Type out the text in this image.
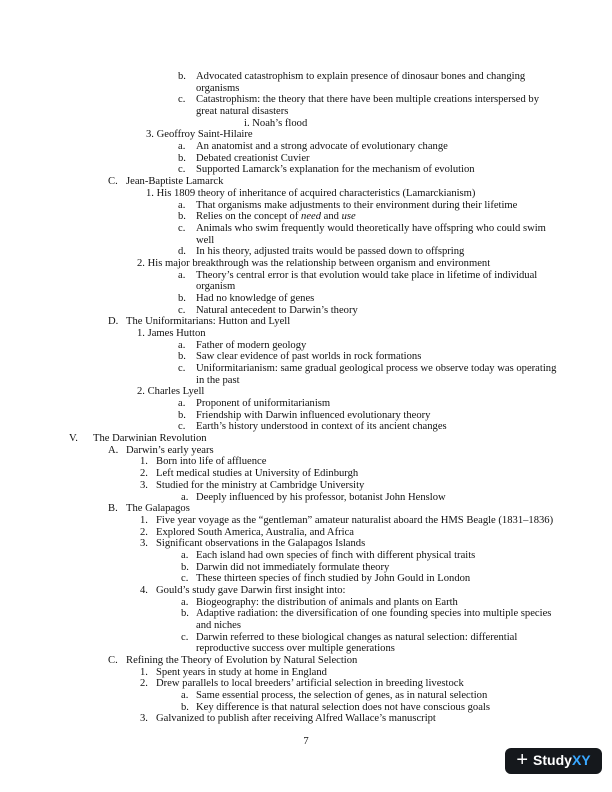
b. Advocated catastrophism to explain presence of dinosaur bones and changing
organisms
c. Catastrophism: the theory that there have been multiple creations interspersed by
great natural disasters
i. Noah’s flood
3. Geoffroy Saint-Hilaire
a. An anatomist and a strong advocate of evolutionary change
b. Debated creationist Cuvier
c. Supported Lamarck’s explanation for the mechanism of evolution
C. Jean-Baptiste Lamarck
1. His 1809 theory of inheritance of acquired characteristics (Lamarckianism)
a. That organisms make adjustments to their environment during their lifetime
b. Relies on the concept of need and use
c. Animals who swim frequently would theoretically have offspring who could swim
well
d. In his theory, adjusted traits would be passed down to offspring
2. His major breakthrough was the relationship between organism and environment
a. Theory’s central error is that evolution would take place in lifetime of individual
organism
b. Had no knowledge of genes
c. Natural antecedent to Darwin’s theory
D. The Uniformitarians: Hutton and Lyell
1. James Hutton
a. Father of modern geology
b. Saw clear evidence of past worlds in rock formations
c. Uniformitarianism: same gradual geological process we observe today was operating
in the past
2. Charles Lyell
a. Proponent of uniformitarianism
b. Friendship with Darwin influenced evolutionary theory
c. Earth’s history understood in context of its ancient changes
V. The Darwinian Revolution
A. Darwin’s early years
1. Born into life of affluence
2. Left medical studies at University of Edinburgh
3. Studied for the ministry at Cambridge University
a. Deeply influenced by his professor, botanist John Henslow
B. The Galapagos
1. Five year voyage as the “gentleman” amateur naturalist aboard the HMS Beagle (1831–1836)
2. Explored South America, Australia, and Africa
3. Significant observations in the Galapagos Islands
a. Each island had own species of finch with different physical traits
b. Darwin did not immediately formulate theory
c. These thirteen species of finch studied by John Gould in London
4. Gould’s study gave Darwin first insight into:
a. Biogeography: the distribution of animals and plants on Earth
b. Adaptive radiation: the diversification of one founding species into multiple species
and niches
c. Darwin referred to these biological changes as natural selection: differential
reproductive success over multiple generations
C. Refining the Theory of Evolution by Natural Selection
1. Spent years in study at home in England
2. Drew parallels to local breeders’ artificial selection in breeding livestock
a. Same essential process, the selection of genes, as in natural selection
b. Key difference is that natural selection does not have conscious goals
3. Galvanized to publish after receiving Alfred Wallace’s manuscript
7
+ StudyXY
